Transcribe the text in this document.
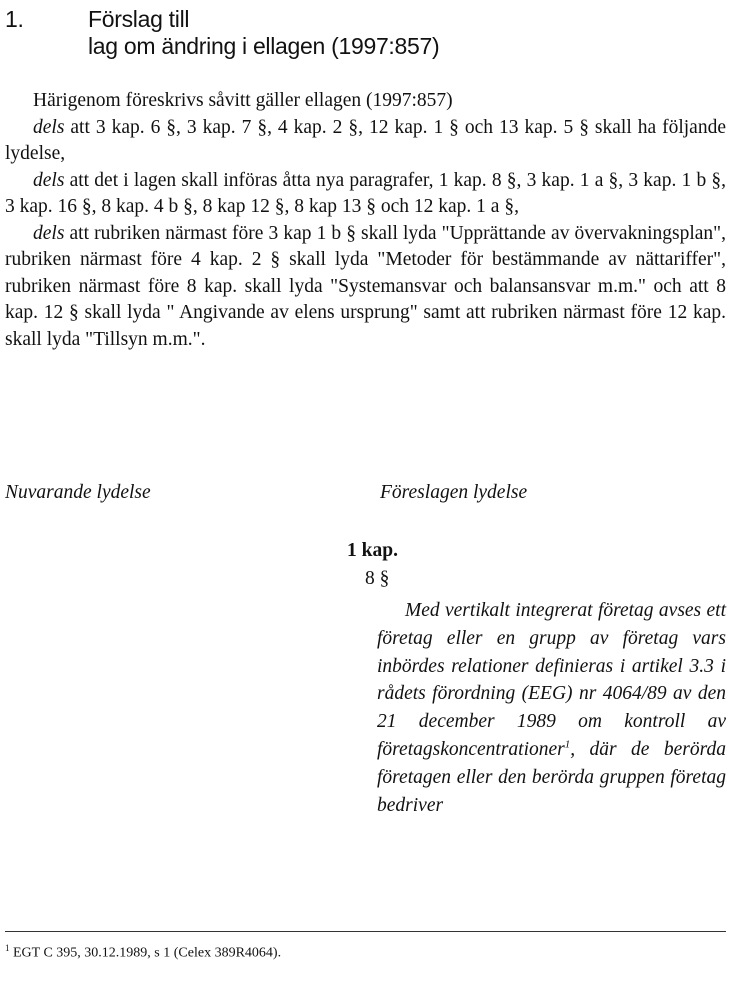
1.	Förslag till
lag om ändring i ellagen (1997:857)

Härigenom föreskrivs såvitt gäller ellagen (1997:857)

dels att 3 kap. 6 §, 3 kap. 7 §, 4 kap. 2 §, 12 kap. 1 § och 13 kap. 5 § skall ha följande lydelse,

dels att det i lagen skall införas åtta nya paragrafer, 1 kap. 8 §, 3 kap. 1 a §, 3 kap. 1 b §, 3 kap. 16 §, 8 kap. 4 b §, 8 kap 12 §, 8 kap 13 § och 12 kap. 1 a §,

dels att rubriken närmast före 3 kap 1 b § skall lyda "Upprättande av övervakningsplan", rubriken närmast före 4 kap. 2 § skall lyda "Metoder för bestämmande av nättariffer", rubriken närmast före 8 kap. skall lyda "Systemansvar och balansansvar m.m." och att 8 kap. 12 § skall lyda " Angivande av elens ursprung" samt att rubriken närmast före 12 kap. skall lyda "Tillsyn m.m.".

Nuvarande lydelse	Föreslagen lydelse
1 kap.
8 §

Med vertikalt integrerat företag avses ett företag eller en grupp av företag vars inbördes relationer definieras i artikel 3.3 i rådets förordning (EEG) nr 4064/89 av den 21 december 1989 om kontroll av företagskoncentrationer$^1$, där de berörda företagen eller den berörda gruppen företag bedriver

$^1$ EGT C 395, 30.12.1989, s 1 (Celex 389R4064).
